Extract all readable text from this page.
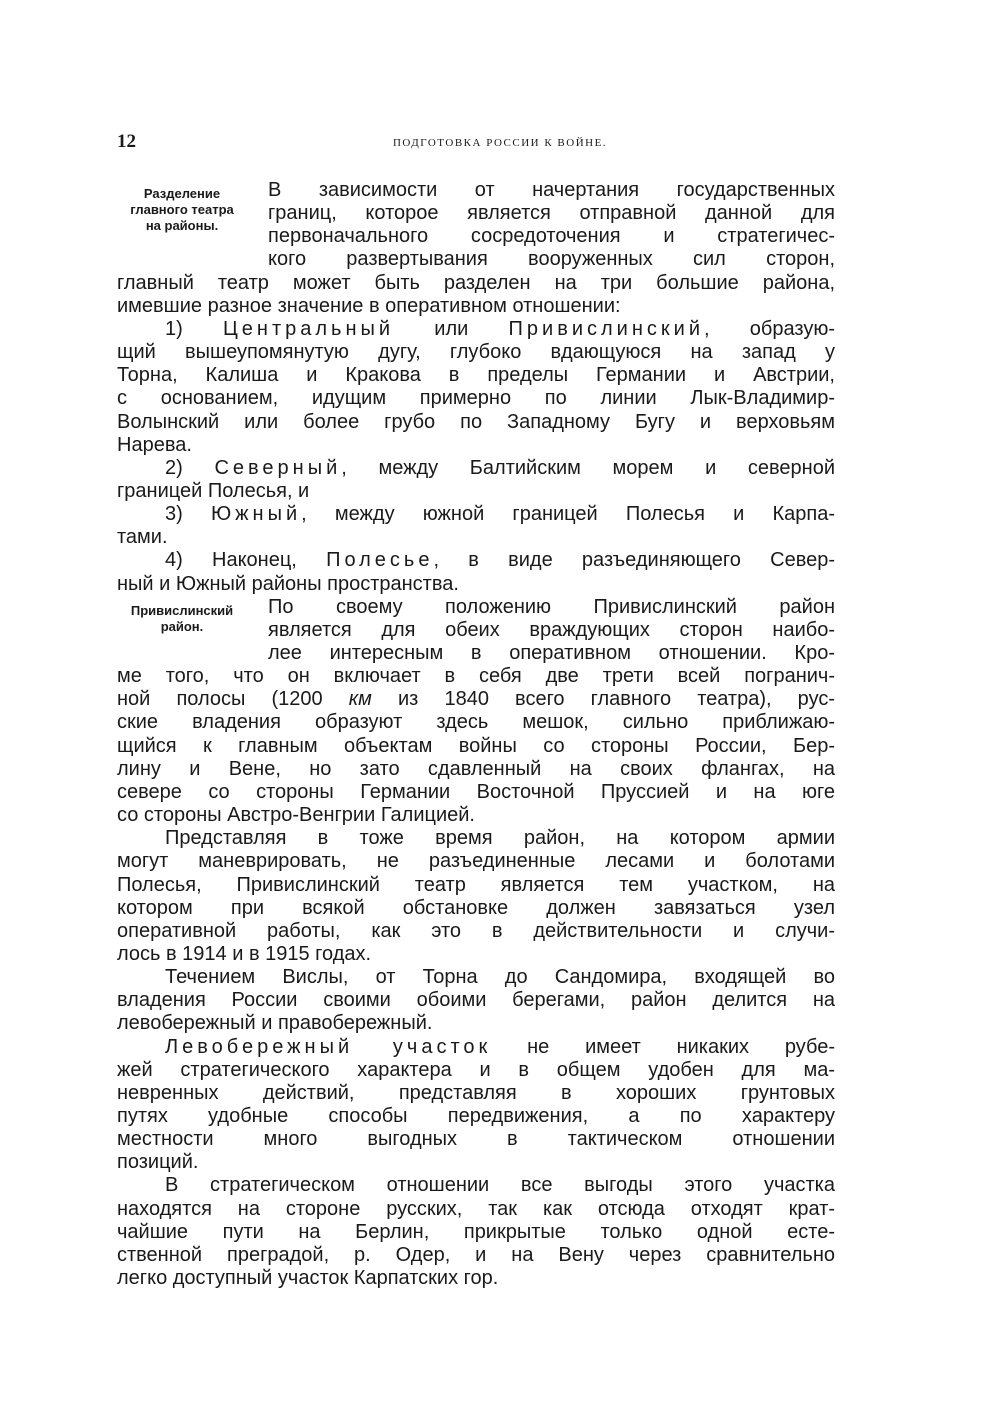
12	ПОДГОТОВКА РОССИИ К ВОЙНЕ.
Разделение
главного театра
на районы.
Привислинский
район.
В зависимости от начертания государственных
границ, которое является отправной данной для
первоначального сосредоточения и стратегичес-
кого развертывания вооруженных сил сторон,
главный театр может быть разделен на три большие района,
имевшие разное значение в оперативном отношении:
1) Центральный или Привислинский, образую-
щий вышеупомянутую дугу, глубоко вдающуюся на запад у
Торна, Калиша и Кракова в пределы Германии и Австрии,
с основанием, идущим примерно по линии Лык-Владимир-
Волынский или более грубо по Западному Бугу и верховьям
Нарева.
2) Северный, между Балтийским морем и северной
границей Полесья, и
3) Южный, между южной границей Полесья и Карпа-
тами.
4) Наконец, Полесье, в виде разъединяющего Север-
ный и Южный районы пространства.
По своему положению Привислинский район
является для обеих враждующих сторон наибо-
лее интересным в оперативном отношении. Кро-
ме того, что он включает в себя две трети всей погранич-
ной полосы (1200 км из 1840 всего главного театра), рус-
ские владения образуют здесь мешок, сильно приближаю-
щийся к главным объектам войны со стороны России, Бер-
лину и Вене, но зато сдавленный на своих флангах, на
севере со стороны Германии Восточной Пруссией и на юге
со стороны Австро-Венгрии Галицией.
Представляя в тоже время район, на котором армии
могут маневрировать, не разъединенные лесами и болотами
Полесья, Привислинский театр является тем участком, на
котором при всякой обстановке должен завязаться узел
оперативной работы, как это в действительности и случи-
лось в 1914 и в 1915 годах.
Течением Вислы, от Торна до Сандомира, входящей во
владения России своими обоими берегами, район делится на
левобережный и правобережный.
Левобережный участок не имеет никаких рубе-
жей стратегического характера и в общем удобен для ма-
невренных действий, представляя в хороших грунтовых
путях удобные способы передвижения, а по характеру
местности много выгодных в тактическом отношении
позиций.
В стратегическом отношении все выгоды этого участка
находятся на стороне русских, так как отсюда отходят крат-
чайшие пути на Берлин, прикрытые только одной есте-
ственной преградой, р. Одер, и на Вену через сравнительно
легко доступный участок Карпатских гор.
